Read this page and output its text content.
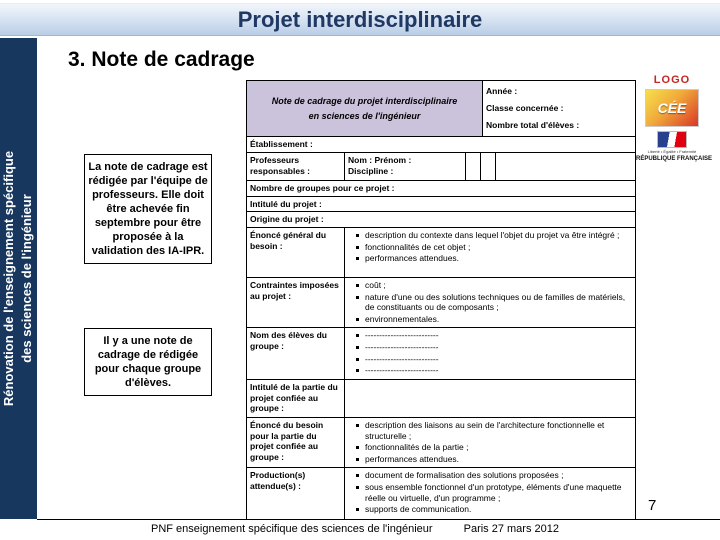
Projet interdisciplinaire
Rénovation de l'enseignement spécifique des sciences de l'ingénieur
3. Note de cadrage
La note de cadrage est rédigée par l'équipe de professeurs. Elle doit être achevée fin septembre pour être proposée à la validation des IA-IPR.
Il y a une note de cadrage de rédigée pour chaque groupe d'élèves.
LOGO
CÉE
Liberté • Égalité • Fraternité
RÉPUBLIQUE FRANÇAISE
Note de cadrage du projet interdisciplinaire
en sciences de l'ingénieur
Année :
Classe concernée :
Nombre total d'élèves :
Établissement :
Professeurs responsables :
Nom : Prénom :
Discipline :
Nombre de groupes pour ce projet :
Intitulé du projet :
Origine du projet :
Énoncé général du besoin :
description du contexte dans lequel l'objet du projet va être intégré ;
fonctionnalités de cet objet ;
performances attendues.
Contraintes imposées au projet :
coût ;
nature d'une ou des solutions techniques ou de familles de matériels, de constituants ou de composants ;
environnementales.
Nom des élèves du groupe :
--------------------------
--------------------------
--------------------------
--------------------------
Intitulé de la partie du projet confiée au groupe :
Énoncé du besoin pour la partie du projet confiée au groupe :
description des liaisons au sein de l'architecture fonctionnelle et structurelle ;
fonctionnalités de la partie ;
performances attendues.
Production(s) attendue(s) :
document de formalisation des solutions proposées ;
sous ensemble fonctionnel d'un prototype, éléments d'une maquette réelle ou virtuelle, d'un programme ;
supports de communication.
PNF enseignement spécifique des sciences de l'ingénieur	Paris 27 mars 2012
7
